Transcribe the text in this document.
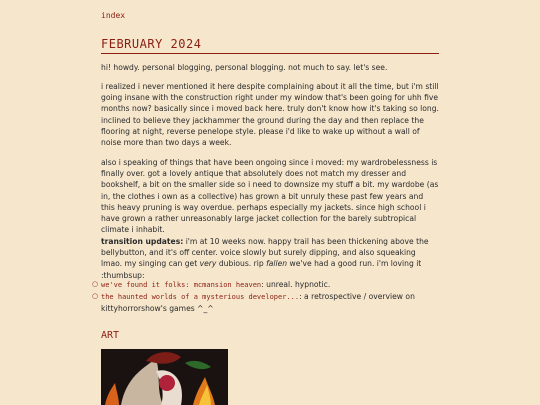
index
FEBRUARY 2024

hi! howdy. personal blogging, personal blogging. not much to say. let's see.

i realized i never mentioned it here despite complaining about it all the time, but i'm still going insane with the construction right under my window that's been going for uhh five months now? basically since i moved back here. truly don't know how it's taking so long. inclined to believe they jackhammer the ground during the day and then replace the flooring at night, reverse penelope style. please i'd like to wake up without a wall of noise more than two days a week.

also i speaking of things that have been ongoing since i moved: my wardrobelessness is finally over. got a lovely antique that absolutely does not match my dresser and bookshelf, a bit on the smaller side so i need to downsize my stuff a bit. my wardobe (as in, the clothes i own as a collective) has grown a bit unruly these past few years and this heavy pruning is way overdue. perhaps especially my jackets. since high school i have grown a rather unreasonably large jacket collection for the barely subtropical climate i inhabit.

transition updates: i'm at 10 weeks now. happy trail has been thickening above the bellybutton, and it's off center. voice slowly but surely dipping, and also squeaking lmao. my singing can get very dubious. rip fallen we've had a good run. i'm loving it :thumbsup:

○ we've found it folks: mcmansion heaven: unreal. hypnotic.
○ the haunted worlds of a mysterious developer...: a retrospective / overview on kittyhorrorshow's games ^_^
ART
